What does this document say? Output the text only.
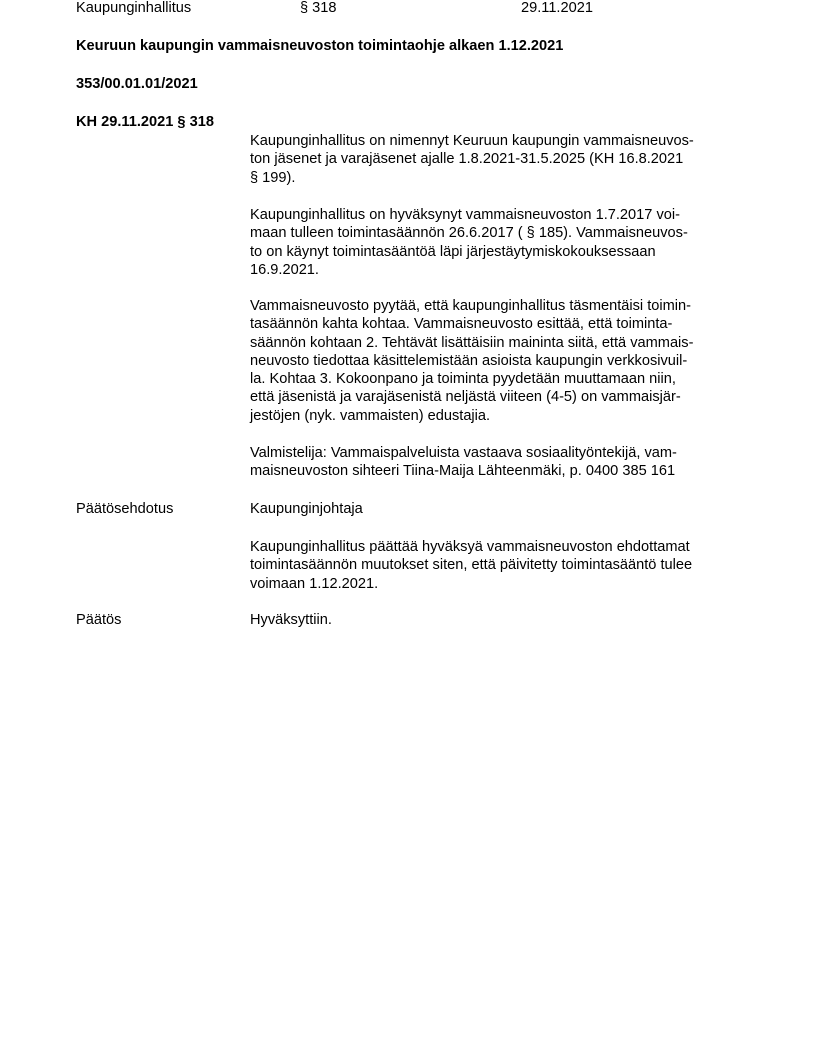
Kaupunginhallitus	§ 318	29.11.2021
Keuruun kaupungin vammaisneuvoston toimintaohje alkaen 1.12.2021
353/00.01.01/2021
KH 29.11.2021 § 318
Kaupunginhallitus on nimennyt Keuruun kaupungin vammaisneuvos-
ton jäsenet ja varajäsenet ajalle 1.8.2021-31.5.2025 (KH 16.8.2021
§ 199).
Kaupunginhallitus on hyväksynyt vammaisneuvoston 1.7.2017 voi-
maan tulleen toimintasäännön 26.6.2017 ( § 185). Vammaisneuvos-
to on käynyt toimintasääntöä läpi järjestäytymiskokouksessaan
16.9.2021.
Vammaisneuvosto pyytää, että kaupunginhallitus täsmentäisi toimin-
tasäännön kahta kohtaa. Vammaisneuvosto esittää, että toiminta-
säännön kohtaan 2. Tehtävät lisättäisiin maininta siitä, että vammais-
neuvosto tiedottaa käsittelemistään asioista kaupungin verkkosivuil-
la. Kohtaa 3. Kokoonpano ja toiminta pyydetään muuttamaan niin,
että jäsenistä ja varajäsenistä neljästä viiteen (4-5) on vammaisjär-
jestöjen (nyk. vammaisten) edustajia.
Valmistelija: Vammaispalveluista vastaava sosiaalityöntekijä, vam-
maisneuvoston sihteeri Tiina-Maija Lähteenmäki, p. 0400 385 161
Päätösehdotus	Kaupunginjohtaja
Kaupunginhallitus päättää hyväksyä vammaisneuvoston ehdottamat
toimintasäännön muutokset siten, että päivitetty toimintasääntö tulee
voimaan 1.12.2021.
Päätös	Hyväksyttiin.
